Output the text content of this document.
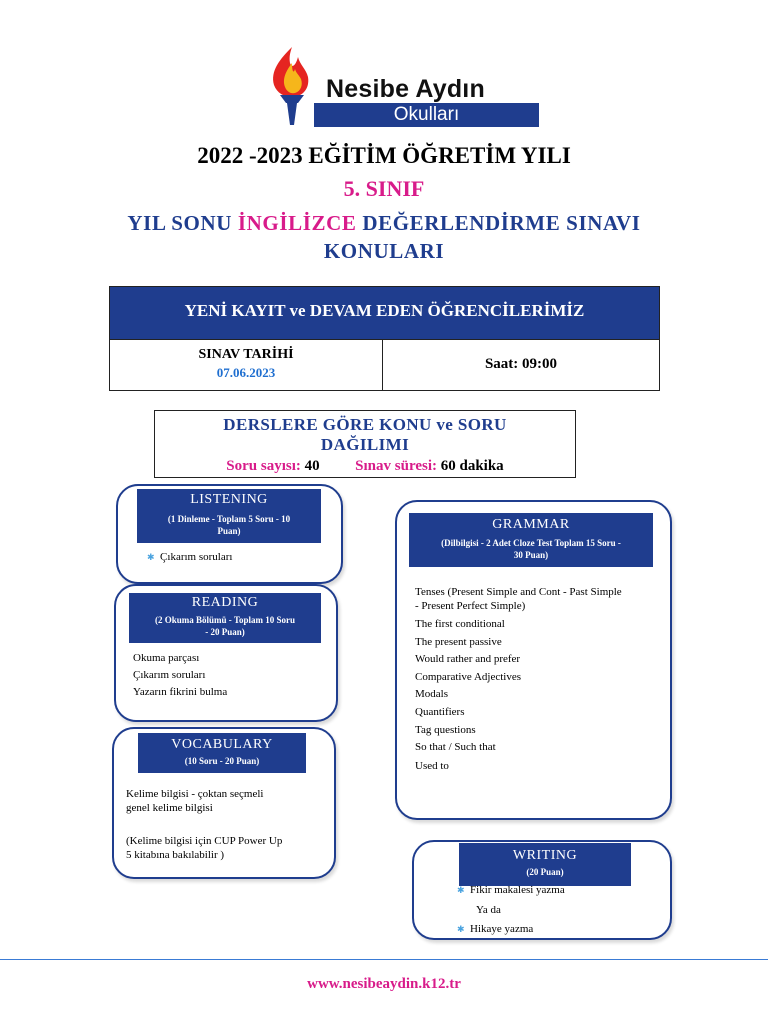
Nesibe Aydın
Okulları
2022 -2023 EĞİTİM ÖĞRETİM YILI
5. SINIF
YIL SONU İNGİLİZCE DEĞERLENDİRME SINAVI
KONULARI
YENİ KAYIT ve DEVAM EDEN ÖĞRENCİLERİMİZ
SINAV TARİHİ
07.06.2023
Saat: 09:00
DERSLERE GÖRE KONU ve SORU
DAĞILIMI
Soru sayısı: 40 Sınav süresi: 60 dakika
LISTENING
(1 Dinleme - Toplam 5 Soru - 10
Puan)
✱ Çıkarım soruları
READING
(2 Okuma Bölümü - Toplam 10 Soru
- 20 Puan)
Okuma parçası
Çıkarım soruları
Yazarın fikrini bulma
VOCABULARY
(10 Soru - 20 Puan)
Kelime bilgisi - çoktan seçmeli
genel kelime bilgisi
(Kelime bilgisi için CUP Power Up
5 kitabına bakılabilir )
GRAMMAR
(Dilbilgisi - 2 Adet Cloze Test Toplam 15 Soru -
30 Puan)
Tenses (Present Simple and Cont - Past Simple
- Present Perfect Simple)
The first conditional
The present passive
Would rather and prefer
Comparative Adjectives
Modals
Quantifiers
Tag questions
So that / Such that
Used to
WRITING
(20 Puan)
✱ Fikir makalesi yazma
Ya da
✱ Hikaye yazma
www.nesibeaydin.k12.tr
